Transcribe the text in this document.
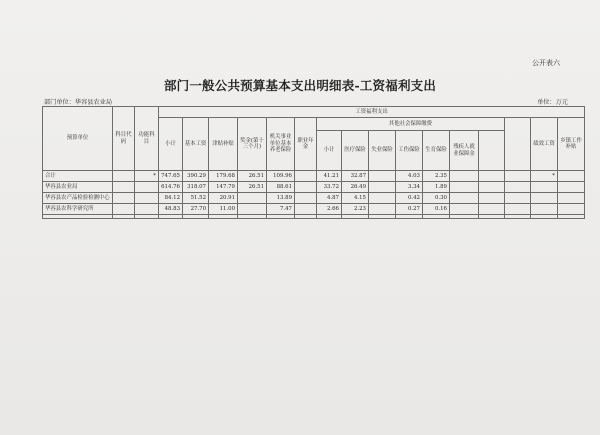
公开表六
部门一般公共预算基本支出明细表-工资福利支出
部门单位：华容县农业局	单位：万元
预算单位	科目代码	功能科目	工资福利支出															
			小计	基本工资	津贴补贴	奖金(第十三个月)	机关事业单位基本养老保险	职业年金	其他社会保障缴费								绩效工资	乡镇工作补贴
									小计	医疗保险	失业保险	工伤保险	生育保险	残疾人就业保障金				
合计		*	747.65	390.29	179.68	26.51	109.96		41.21	32.87		4.03	2.35				*	
华容县农业局			614.76	318.07	147.79	26.51	88.61		33.72	26.49		3.34	1.89					
华容县农产品检验检测中心			84.12	51.52	20.91		13.89		4.87	4.15		0.42	0.30					
华容县农科学研究所			48.83	27.70	11.00		7.47		2.66	2.23		0.27	0.16					
